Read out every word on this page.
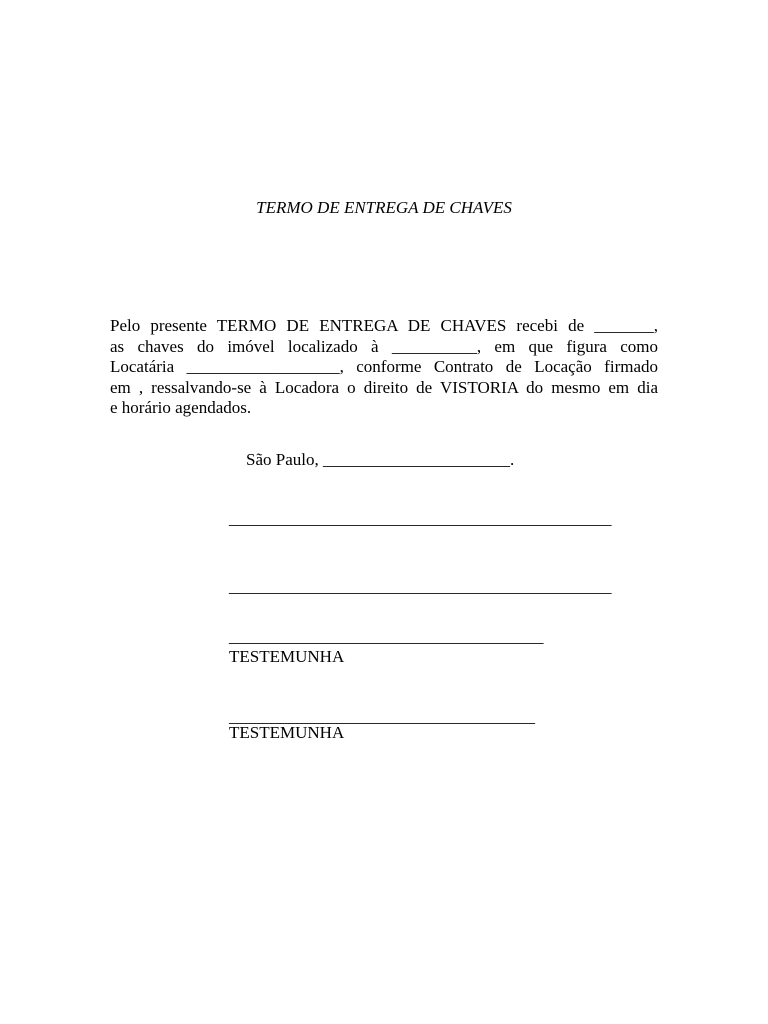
TERMO DE ENTREGA DE CHAVES
Pelo presente TERMO DE ENTREGA DE CHAVES recebi de _______,
as chaves do imóvel localizado à __________, em que figura como
Locatária __________________, conforme Contrato de Locação firmado
em , ressalvando-se à Locadora o direito de VISTORIA do mesmo em dia
e horário agendados.
São Paulo, ______________________.
_____________________________________________
_____________________________________________
_____________________________________
TESTEMUNHA
____________________________________
TESTEMUNHA
